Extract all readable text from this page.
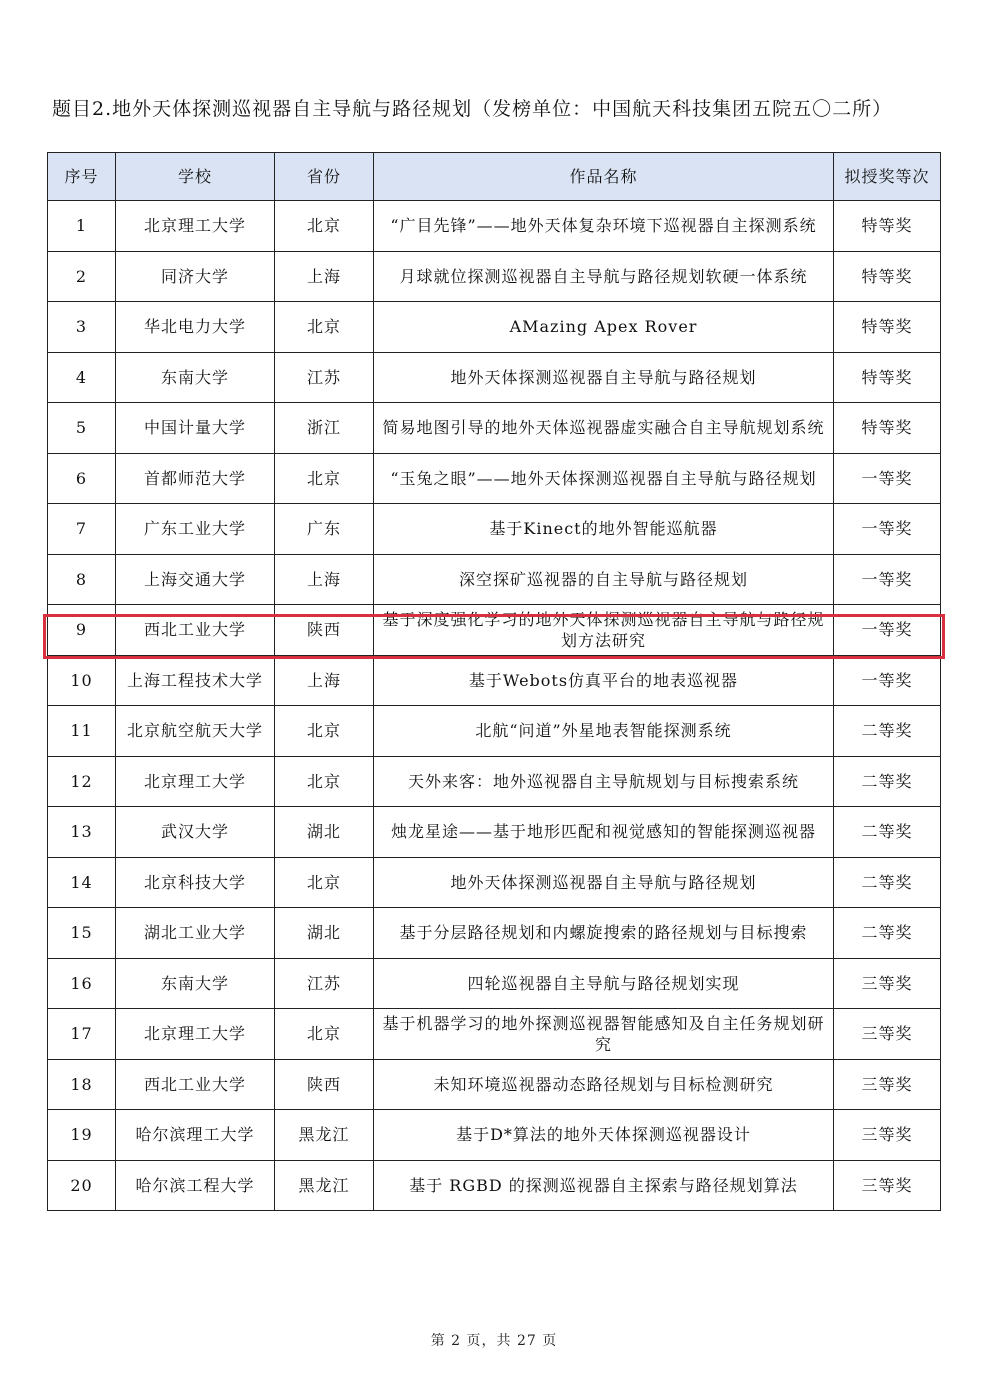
题目2.地外天体探测巡视器自主导航与路径规划（发榜单位：中国航天科技集团五院五〇二所）
序号	学校	省份	作品名称	拟授奖等次
1	北京理工大学	北京	“广目先锋”——地外天体复杂环境下巡视器自主探测系统	特等奖
2	同济大学	上海	月球就位探测巡视器自主导航与路径规划软硬一体系统	特等奖
3	华北电力大学	北京	AMazing Apex Rover	特等奖
4	东南大学	江苏	地外天体探测巡视器自主导航与路径规划	特等奖
5	中国计量大学	浙江	简易地图引导的地外天体巡视器虚实融合自主导航规划系统	特等奖
6	首都师范大学	北京	“玉兔之眼”——地外天体探测巡视器自主导航与路径规划	一等奖
7	广东工业大学	广东	基于Kinect的地外智能巡航器	一等奖
8	上海交通大学	上海	深空探矿巡视器的自主导航与路径规划	一等奖
9	西北工业大学	陕西	基于深度强化学习的地外天体探测巡视器自主导航与路径规划方法研究	一等奖
10	上海工程技术大学	上海	基于Webots仿真平台的地表巡视器	一等奖
11	北京航空航天大学	北京	北航“问道”外星地表智能探测系统	二等奖
12	北京理工大学	北京	天外来客：地外巡视器自主导航规划与目标搜索系统	二等奖
13	武汉大学	湖北	烛龙星途——基于地形匹配和视觉感知的智能探测巡视器	二等奖
14	北京科技大学	北京	地外天体探测巡视器自主导航与路径规划	二等奖
15	湖北工业大学	湖北	基于分层路径规划和内螺旋搜索的路径规划与目标搜索	二等奖
16	东南大学	江苏	四轮巡视器自主导航与路径规划实现	三等奖
17	北京理工大学	北京	基于机器学习的地外探测巡视器智能感知及自主任务规划研究	三等奖
18	西北工业大学	陕西	未知环境巡视器动态路径规划与目标检测研究	三等奖
19	哈尔滨理工大学	黑龙江	基于D*算法的地外天体探测巡视器设计	三等奖
20	哈尔滨工程大学	黑龙江	基于 RGBD 的探测巡视器自主探索与路径规划算法	三等奖
第 2 页，共 27 页
